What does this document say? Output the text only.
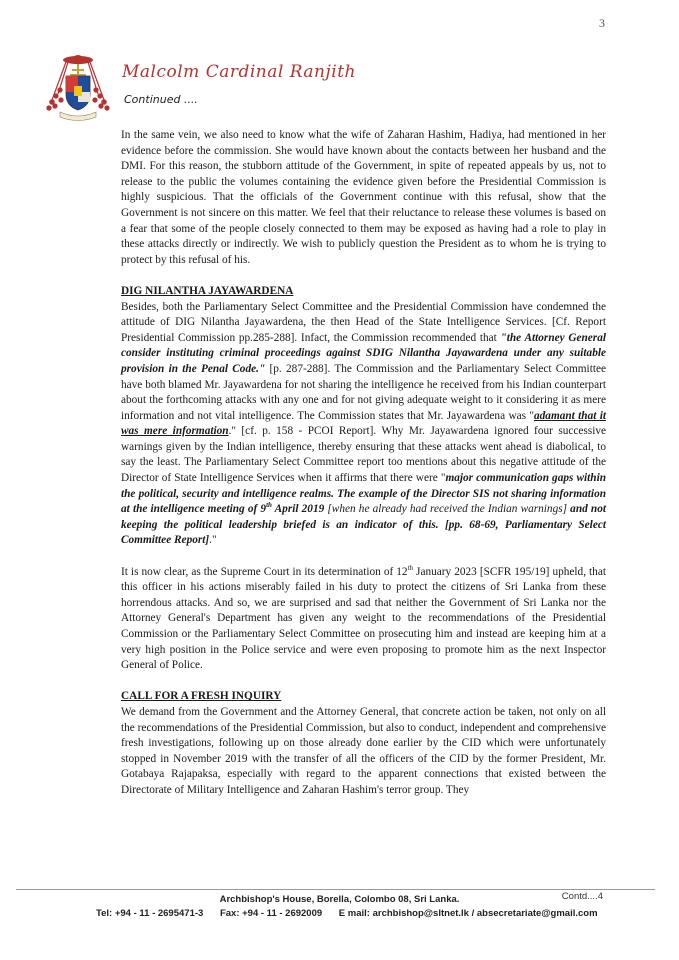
3
Malcolm Cardinal Ranjith
Continued ....

In the same vein, we also need to know what the wife of Zaharan Hashim, Hadiya, had mentioned in her evidence before the commission. She would have known about the contacts between her husband and the DMI. For this reason, the stubborn attitude of the Government, in spite of repeated appeals by us, not to release to the public the volumes containing the evidence given before the Presidential Commission is highly suspicious. That the officials of the Government continue with this refusal, show that the Government is not sincere on this matter. We feel that their reluctance to release these volumes is based on a fear that some of the people closely connected to them may be exposed as having had a role to play in these attacks directly or indirectly. We wish to publicly question the President as to whom he is trying to protect by this refusal of his.

DIG NILANTHA JAYAWARDENA

Besides, both the Parliamentary Select Committee and the Presidential Commission have condemned the attitude of DIG Nilantha Jayawardena, the then Head of the State Intelligence Services. [Cf. Report Presidential Commission pp.285-288]. Infact, the Commission recommended that "the Attorney General consider instituting criminal proceedings against SDIG Nilantha Jayawardena under any suitable provision in the Penal Code." [p. 287-288]. The Commission and the Parliamentary Select Committee have both blamed Mr. Jayawardena for not sharing the intelligence he received from his Indian counterpart about the forthcoming attacks with any one and for not giving adequate weight to it considering it as mere information and not vital intelligence. The Commission states that Mr. Jayawardena was "adamant that it was mere information." [cf. p. 158 - PCOI Report]. Why Mr. Jayawardena ignored four successive warnings given by the Indian intelligence, thereby ensuring that these attacks went ahead is diabolical, to say the least. The Parliamentary Select Committee report too mentions about this negative attitude of the Director of State Intelligence Services when it affirms that there were "major communication gaps within the political, security and intelligence realms. The example of the Director SIS not sharing information at the intelligence meeting of 9th April 2019 [when he already had received the Indian warnings] and not keeping the political leadership briefed is an indicator of this. [pp. 68-69, Parliamentary Select Committee Report]."

It is now clear, as the Supreme Court in its determination of 12th January 2023 [SCFR 195/19] upheld, that this officer in his actions miserably failed in his duty to protect the citizens of Sri Lanka from these horrendous attacks. And so, we are surprised and sad that neither the Government of Sri Lanka nor the Attorney General's Department has given any weight to the recommendations of the Presidential Commission or the Parliamentary Select Committee on prosecuting him and instead are keeping him at a very high position in the Police service and were even proposing to promote him as the next Inspector General of Police.

CALL FOR A FRESH INQUIRY

We demand from the Government and the Attorney General, that concrete action be taken, not only on all the recommendations of the Presidential Commission, but also to conduct, independent and comprehensive fresh investigations, following up on those already done earlier by the CID which were unfortunately stopped in November 2019 with the transfer of all the officers of the CID by the former President, Mr. Gotabaya Rajapaksa, especially with regard to the apparent connections that existed between the Directorate of Military Intelligence and Zaharan Hashim's terror group. They

Archbishop's House, Borella, Colombo 08, Sri Lanka.	Contd....4
Tel: +94 - 11 - 2695471-3 Fax: +94 - 11 - 2692009 E mail: archbishop@sltnet.lk / absecretariate@gmail.com
